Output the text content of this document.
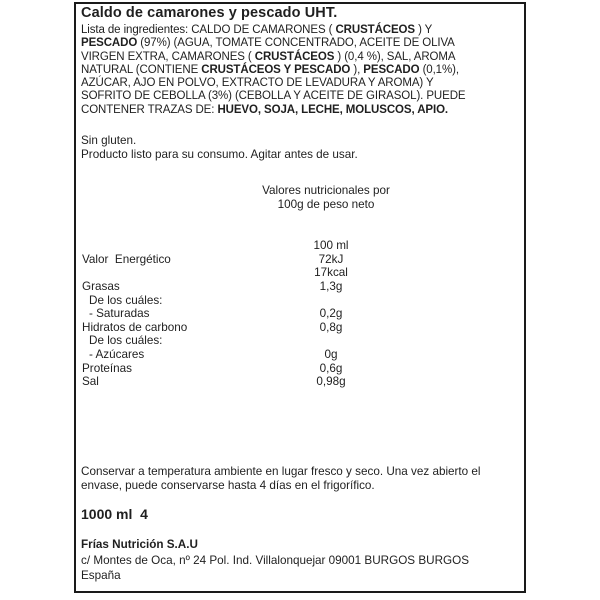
Caldo de camarones y pescado UHT.
Lista de ingredientes: CALDO DE CAMARONES ( CRUSTÁCEOS ) Y
PESCADO (97%) (AGUA, TOMATE CONCENTRADO, ACEITE DE OLIVA
VIRGEN EXTRA, CAMARONES ( CRUSTÁCEOS ) (0,4 %), SAL, AROMA
NATURAL (CONTIENE CRUSTÁCEOS Y PESCADO ), PESCADO (0,1%),
AZÚCAR, AJO EN POLVO, EXTRACTO DE LEVADURA Y AROMA) Y
SOFRITO DE CEBOLLA (3%) (CEBOLLA Y ACEITE DE GIRASOL). PUEDE
CONTENER TRAZAS DE: HUEVO, SOJA, LECHE, MOLUSCOS, APIO.
Sin gluten.
Producto listo para su consumo. Agitar antes de usar.
Valores nutricionales por
100g de peso neto
100 ml
Valor  Energético	72kJ
17kcal
Grasas	1,3g
De los cuáles:
- Saturadas	0,2g
Hidratos de carbono	0,8g
De los cuáles:
- Azúcares	0g
Proteínas	0,6g
Sal	0,98g
Conservar a temperatura ambiente en lugar fresco y seco. Una vez abierto el
envase, puede conservarse hasta 4 días en el frigorífico.
1000 ml  4
Frías Nutrición S.A.U
c/ Montes de Oca, nº 24 Pol. Ind. Villalonquejar 09001 BURGOS BURGOS
España
